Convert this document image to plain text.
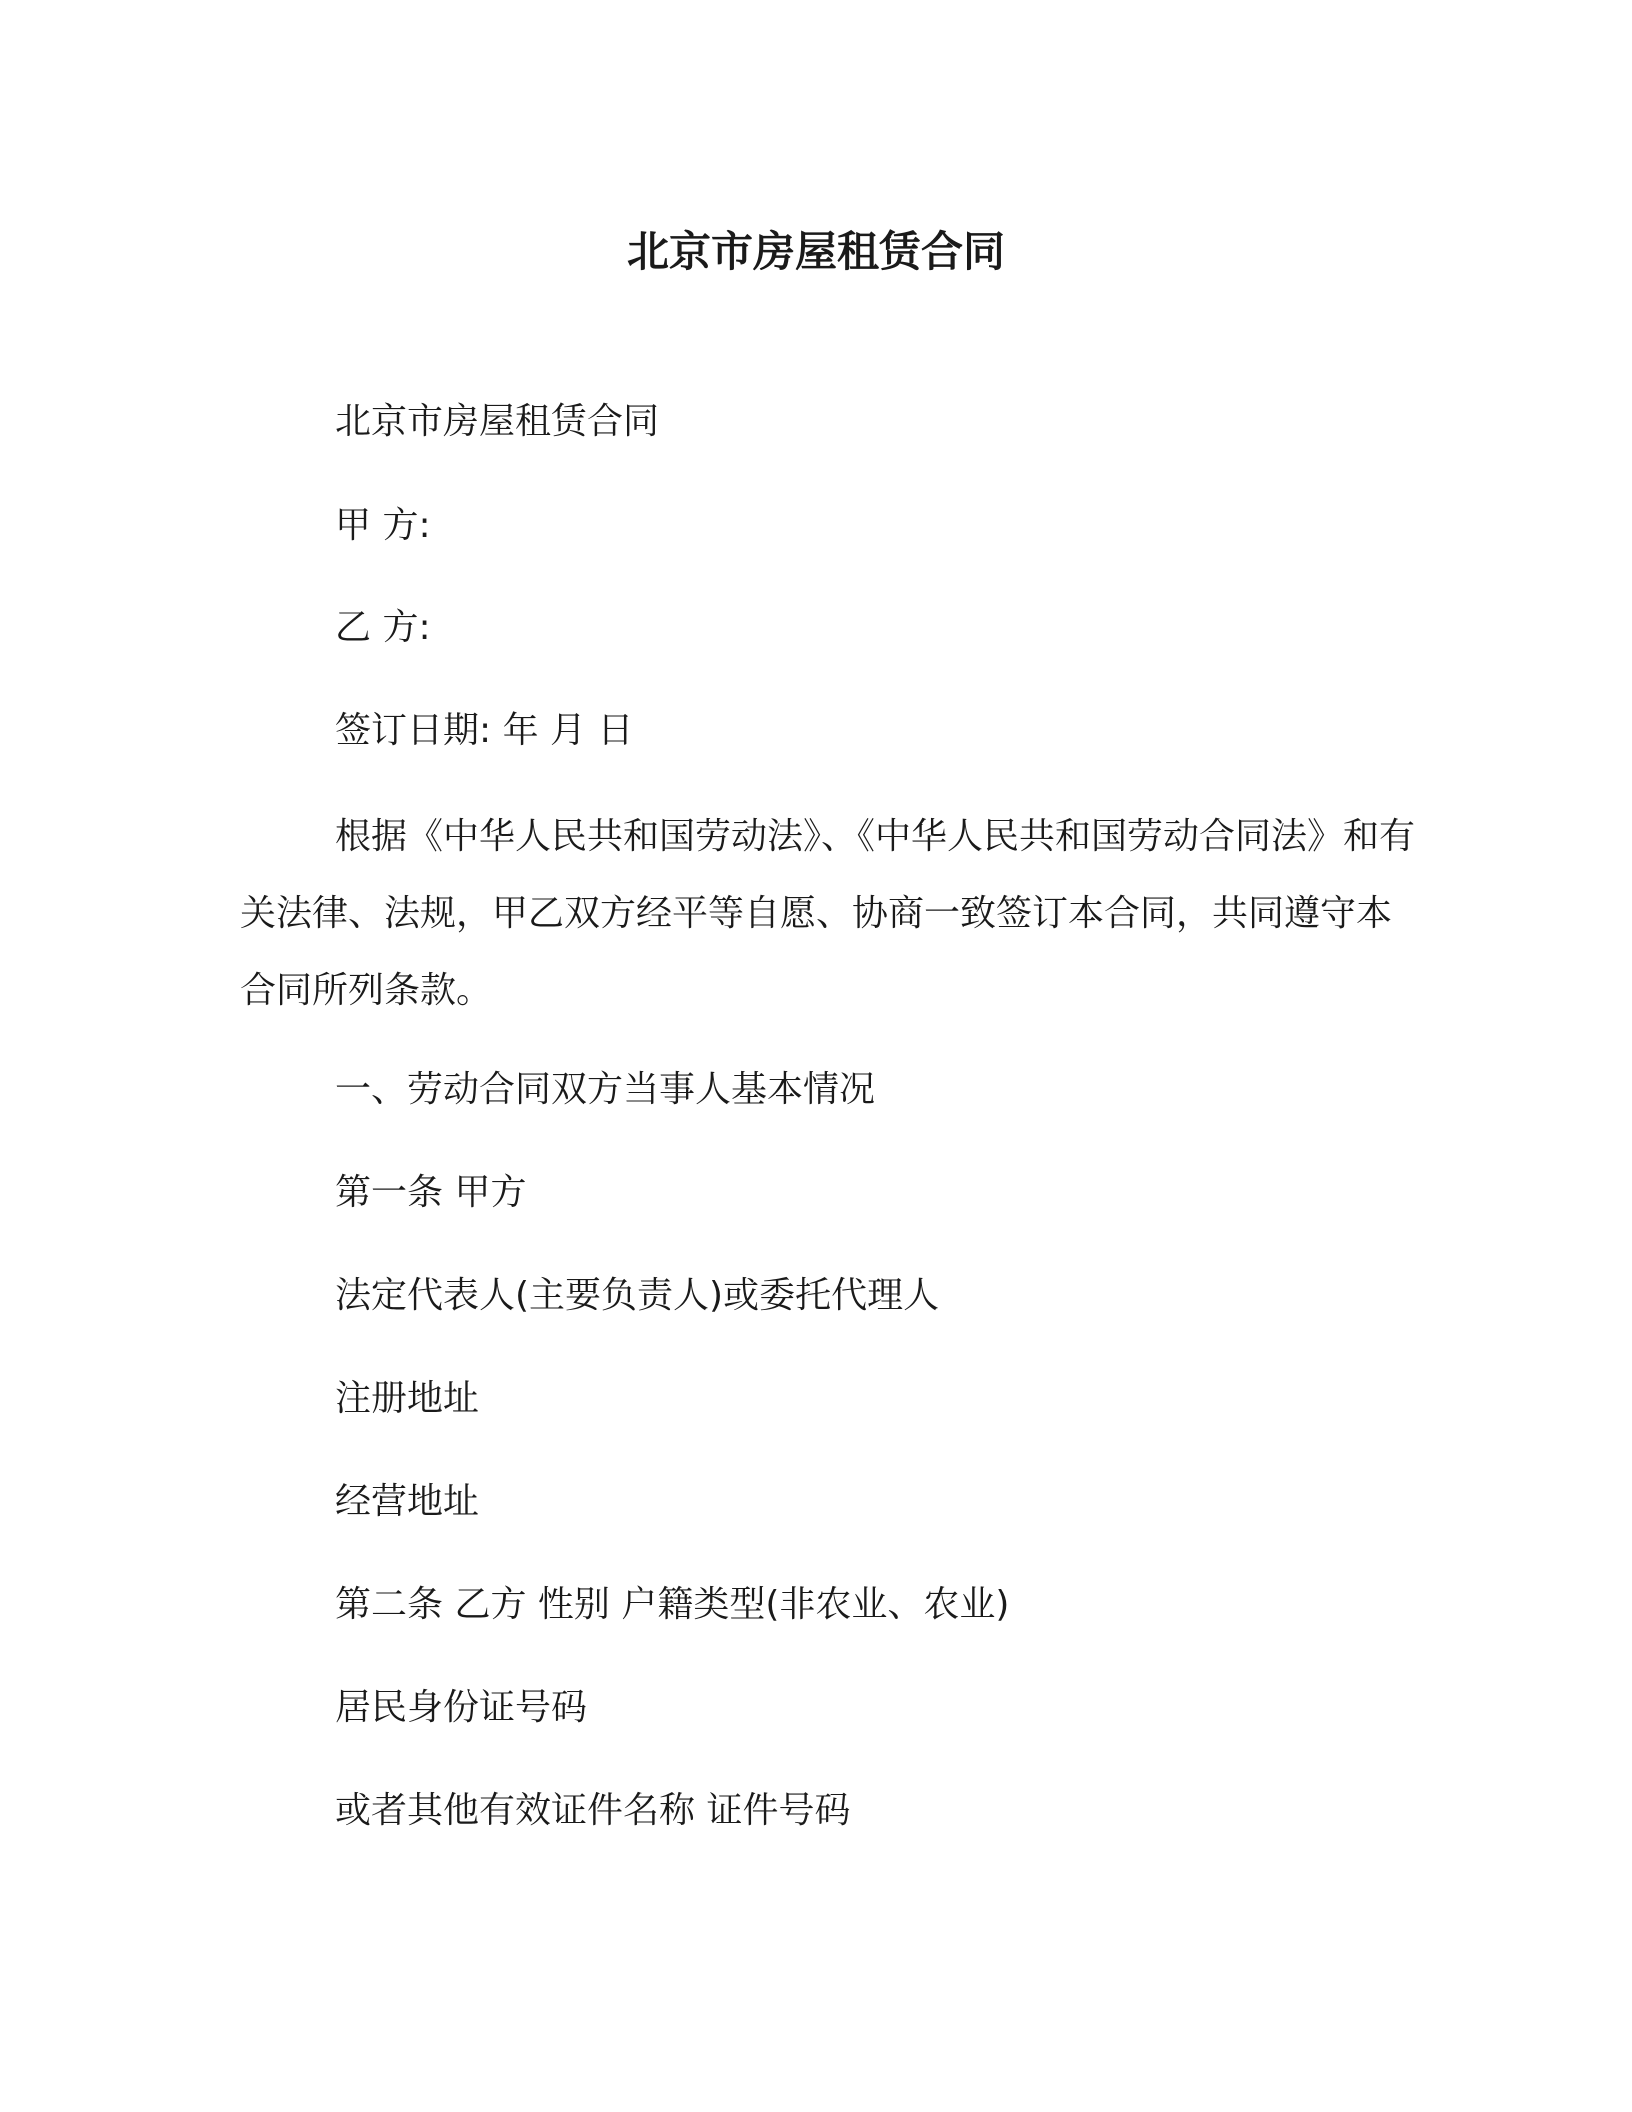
北京市房屋租赁合同

北京市房屋租赁合同

甲 方:

乙 方:

签订日期: 年 月 日

根据《中华人民共和国劳动法》、《中华人民共和国劳动合同法》和有关法律、法规，甲乙双方经平等自愿、协商一致签订本合同，共同遵守本合同所列条款。

一、劳动合同双方当事人基本情况

第一条 甲方

法定代表人(主要负责人)或委托代理人

注册地址

经营地址

第二条 乙方 性别 户籍类型(非农业、农业)

居民身份证号码

或者其他有效证件名称 证件号码
